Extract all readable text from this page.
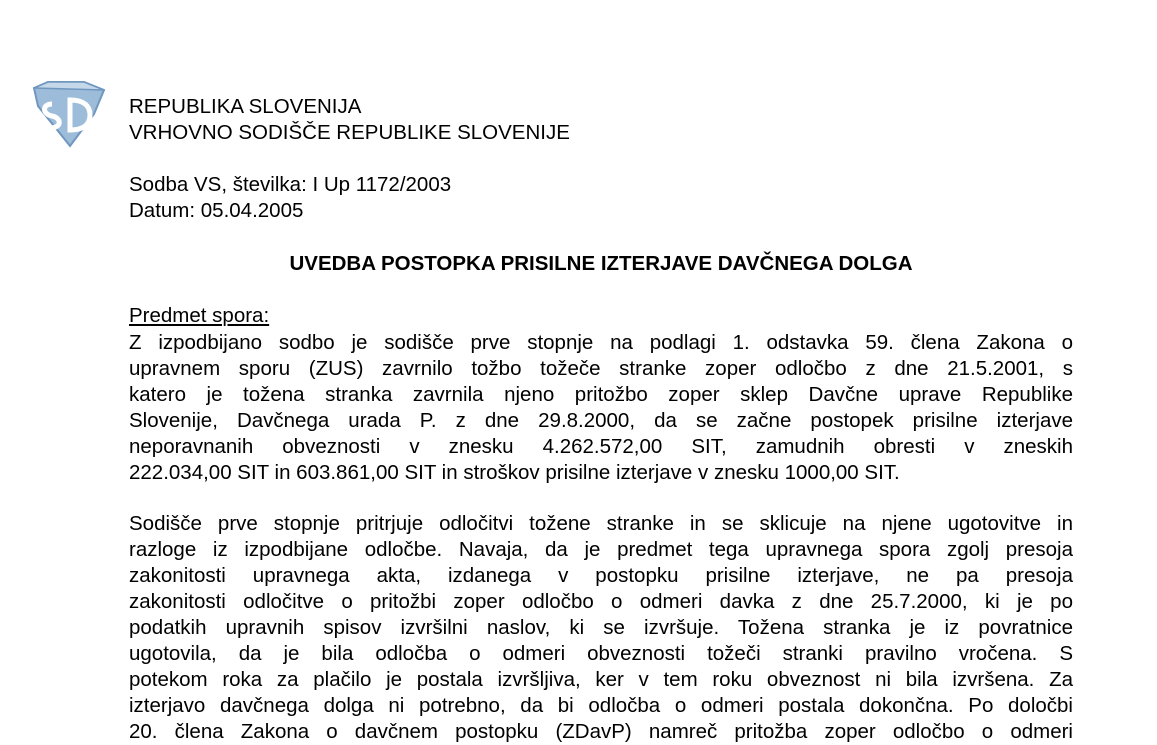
REPUBLIKA SLOVENIJA
VRHOVNO SODIŠČE REPUBLIKE SLOVENIJE
Sodba VS, številka: I Up 1172/2003
Datum: 05.04.2005
UVEDBA POSTOPKA PRISILNE IZTERJAVE DAVČNEGA DOLGA
Predmet spora:
Z izpodbijano sodbo je sodišče prve stopnje na podlagi 1. odstavka 59. člena Zakona o
upravnem sporu (ZUS) zavrnilo tožbo tožeče stranke zoper odločbo z dne 21.5.2001, s
katero je tožena stranka zavrnila njeno pritožbo zoper sklep Davčne uprave Republike
Slovenije, Davčnega urada P. z dne 29.8.2000, da se začne postopek prisilne izterjave
neporavnanih obveznosti v znesku 4.262.572,00 SIT, zamudnih obresti v zneskih
222.034,00 SIT in 603.861,00 SIT in stroškov prisilne izterjave v znesku 1000,00 SIT.
Sodišče prve stopnje pritrjuje odločitvi tožene stranke in se sklicuje na njene ugotovitve in
razloge iz izpodbijane odločbe. Navaja, da je predmet tega upravnega spora zgolj presoja
zakonitosti upravnega akta, izdanega v postopku prisilne izterjave, ne pa presoja
zakonitosti odločitve o pritožbi zoper odločbo o odmeri davka z dne 25.7.2000, ki je po
podatkih upravnih spisov izvršilni naslov, ki se izvršuje. Tožena stranka je iz povratnice
ugotovila, da je bila odločba o odmeri obveznosti tožeči stranki pravilno vročena. S
potekom roka za plačilo je postala izvršljiva, ker v tem roku obveznost ni bila izvršena. Za
izterjavo davčnega dolga ni potrebno, da bi odločba o odmeri postala dokončna. Po določbi
20. člena Zakona o davčnem postopku (ZDavP) namreč pritožba zoper odločbo o odmeri
